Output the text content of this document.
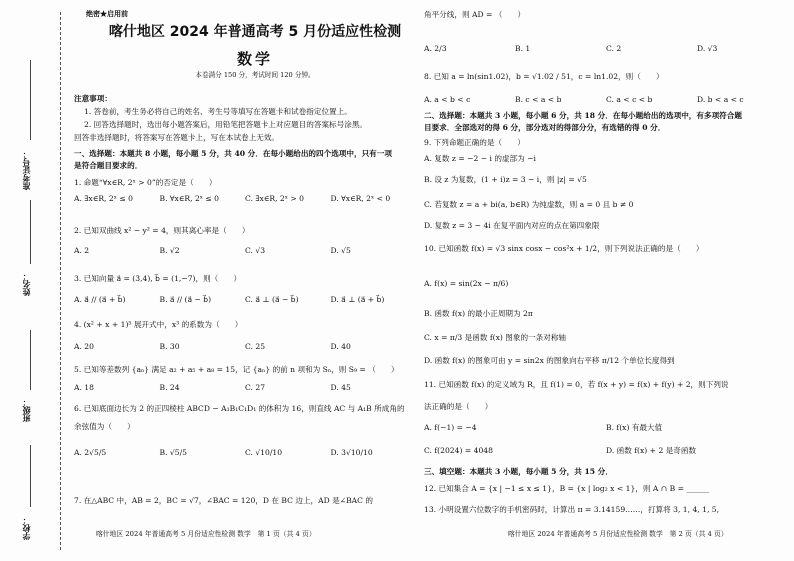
准考证号：
姓名：
班级：
学校：
绝密★启用前
喀什地区 2024 年普通高考 5 月份适应性检测
数学
本卷满分 150 分，考试时间 120 分钟。
注意事项：
1. 答卷前，考生务必将自己的姓名、考生号等填写在答题卡和试卷指定位置上。
2. 回答选择题时，选出每小题答案后，用铅笔把答题卡上对应题目的答案标号涂黑。
回答非选择题时，将答案写在答题卡上，写在本试卷上无效。
一、选择题：本题共 8 小题，每小题 5 分，共 40 分．在每小题给出的四个选项中，只有一项
是符合题目要求的．
1. 命题“∀x∈R, 2ˣ > 0”的否定是（　　）
A. ∃x∈R, 2ˣ ≤ 0	B. ∀x∈R, 2ˣ ≤ 0	C. ∃x∈R, 2ˣ > 0	D. ∀x∈R, 2ˣ < 0
2. 已知双曲线 x² − y² = 4，则其离心率是（　　）
A. 2	B. √2	C. √3	D. √5
3. 已知向量 a⃗ = (3,4), b⃗ = (1,−7)，则（　　）
A. a⃗ // (a⃗ + b⃗)	B. a⃗ // (a⃗ − b⃗)	C. a⃗ ⊥ (a⃗ − b⃗)	D. a⃗ ⊥ (a⃗ + b⃗)
4. (x² + x + 1)⁵ 展开式中，x³ 的系数为（　　）
A. 20	B. 30	C. 25	D. 40
5. 已知等差数列 {aₙ} 满足 a₂ + a₅ + a₈ = 15，记 {aₙ} 的前 n 项和为 Sₙ，则 S₉ = （　　）
A. 18	B. 24	C. 27	D. 45
6. 已知底面边长为 2 的正四棱柱 ABCD − A₁B₁C₁D₁ 的体积为 16，则直线 AC 与 A₁B 所成角的
余弦值为（　　）
A. 2√5/5	B. √5/5	C. √10/10	D. 3√10/10
7. 在△ABC 中，AB = 2，BC = √7，∠BAC = 120，D 在 BC 边上，AD 是∠BAC 的
角平分线，则 AD = （　　）
A. 2/3	B. 1	C. 2	D. √3
8. 已知 a = ln(sin1.02)，b = √1.02 / 51，c = ln1.02，则（　　）
A. a < b < c	B. c < a < b	C. a < c < b	D. b < a < c
二、选择题：本题共 3 小题，每小题 6 分，共 18 分．在每小题给出的选项中，有多项符合题
目要求．全部选对的得 6 分，部分选对的得部分分，有选错的得 0 分．
9. 下列命题正确的是（　　）
A. 复数 z = −2 − i 的虚部为 −i
B. 设 z 为复数，(1 + i)z = 3 − i，则 |z| = √5
C. 若复数 z = a + bi(a, b∈R) 为纯虚数，则 a = 0 且 b ≠ 0
D. 复数 z = 3 − 4i 在复平面内对应的点在第四象限
10. 已知函数 f(x) = √3 sinx cosx − cos²x + 1/2，则下列说法正确的是（　　）
A. f(x) = sin(2x − π/6)
B. 函数 f(x) 的最小正周期为 2π
C. x = π/3 是函数 f(x) 图象的一条对称轴
D. 函数 f(x) 的图象可由 y = sin2x 的图象向右平移 π/12 个单位长度得到
11. 已知函数 f(x) 的定义域为 R，且 f(1) = 0，若 f(x + y) = f(x) + f(y) + 2，则下列说
法正确的是（　　）
A. f(−1) = −4	B. f(x) 有最大值
C. f(2024) = 4048	D. 函数 f(x) + 2 是奇函数
三、填空题：本题共 3 小题，每小题 5 分，共 15 分．
12. 已知集合 A = {x | −1 ≤ x ≤ 1}，B = {x | log₂ x < 1}，则 A ∩ B = ______
13. 小明设置六位数字的手机密码时，计算出 π = 3.14159……，打算将 3, 1, 4, 1, 5,
喀什地区 2024 年普通高考 5 月份适应性检测 数学　第 1 页（共 4 页）	喀什地区 2024 年普通高考 5 月份适应性检测 数学　第 2 页（共 4 页）
